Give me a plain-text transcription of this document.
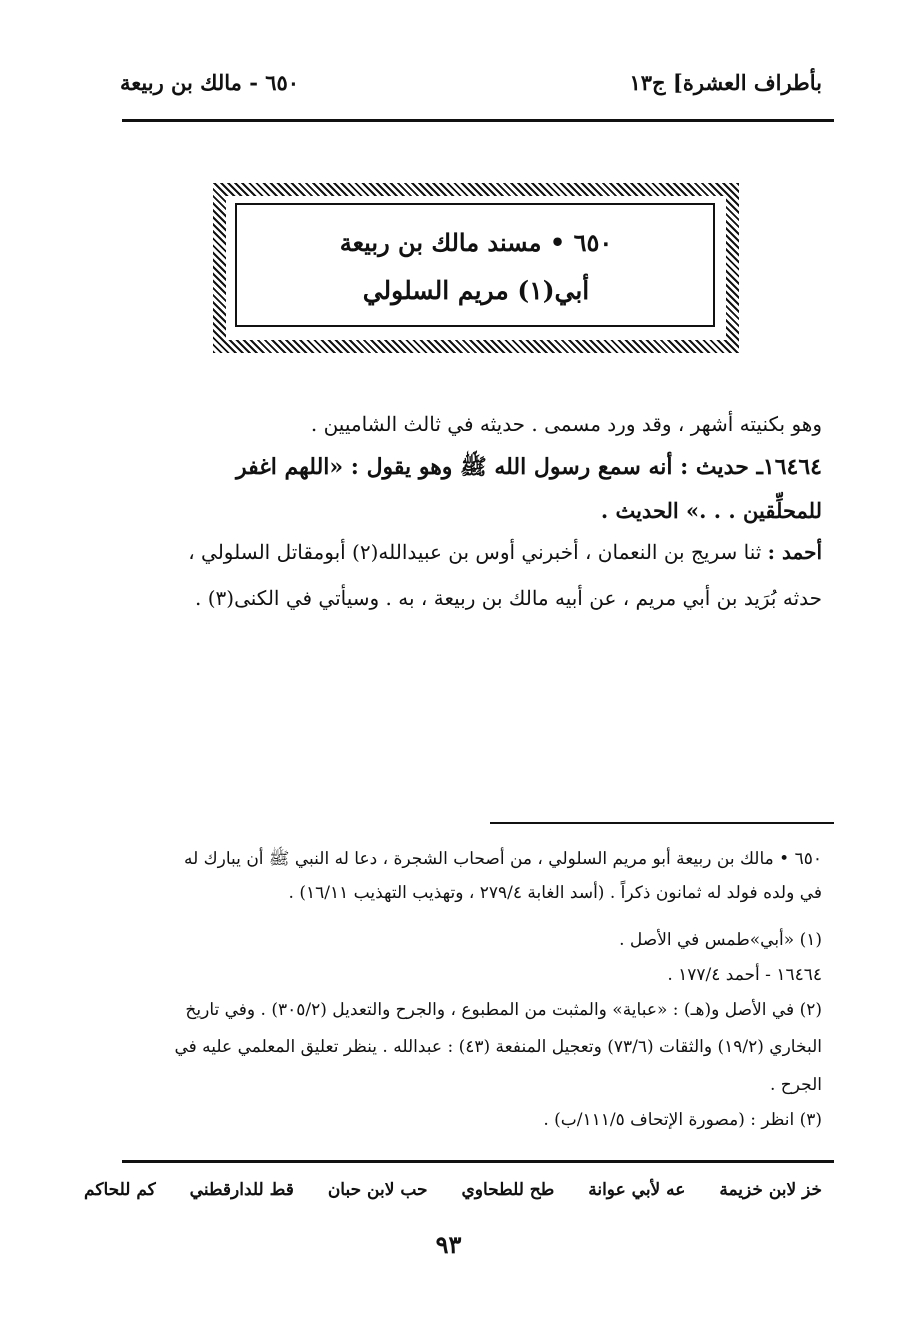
بأطراف العشرة] ج١٣
٦٥٠ - مالك بن ربيعة
٦٥٠ • مسند مالك بن ربيعة
أبي(١) مريم السلولي
وهو بكنيته أشهر ، وقد ورد مسمى . حديثه في ثالث الشاميين .
١٦٤٦٤ـ حديث : أنه سمع رسول الله ﷺ وهو يقول : «اللهم اغفر
للمحلِّقين . . .» الحديث .
أحمد : ثنا سريج بن النعمان ، أخبرني أوس بن عبيدالله(٢) أبومقاتل السلولي ،
حدثه بُرَيد بن أبي مريم ، عن أبيه مالك بن ربيعة ، به . وسيأتي في الكنى(٣) .
٦٥٠ • مالك بن ربيعة أبو مريم السلولي ، من أصحاب الشجرة ، دعا له النبي ﷺ أن يبارك له
في ولده فولد له ثمانون ذكراً . (أسد الغابة ٢٧٩/٤ ، وتهذيب التهذيب ١٦/١١) .
(١) «أبي»طمس في الأصل .
١٦٤٦٤ - أحمد ١٧٧/٤ .
(٢) في الأصل و(هـ) : «عباية» والمثبت من المطبوع ، والجرح والتعديل (٣٠٥/٢) . وفي تاريخ
البخاري (١٩/٢) والثقات (٧٣/٦) وتعجيل المنفعة (٤٣) : عبدالله . ينظر تعليق المعلمي عليه في
الجرح .
(٣) انظر : (مصورة الإتحاف ١١١/٥/ب) .
خز لابن خزيمة عه لأبي عوانة طح للطحاوي حب لابن حبان قط للدارقطني كم للحاكم
٩٣
